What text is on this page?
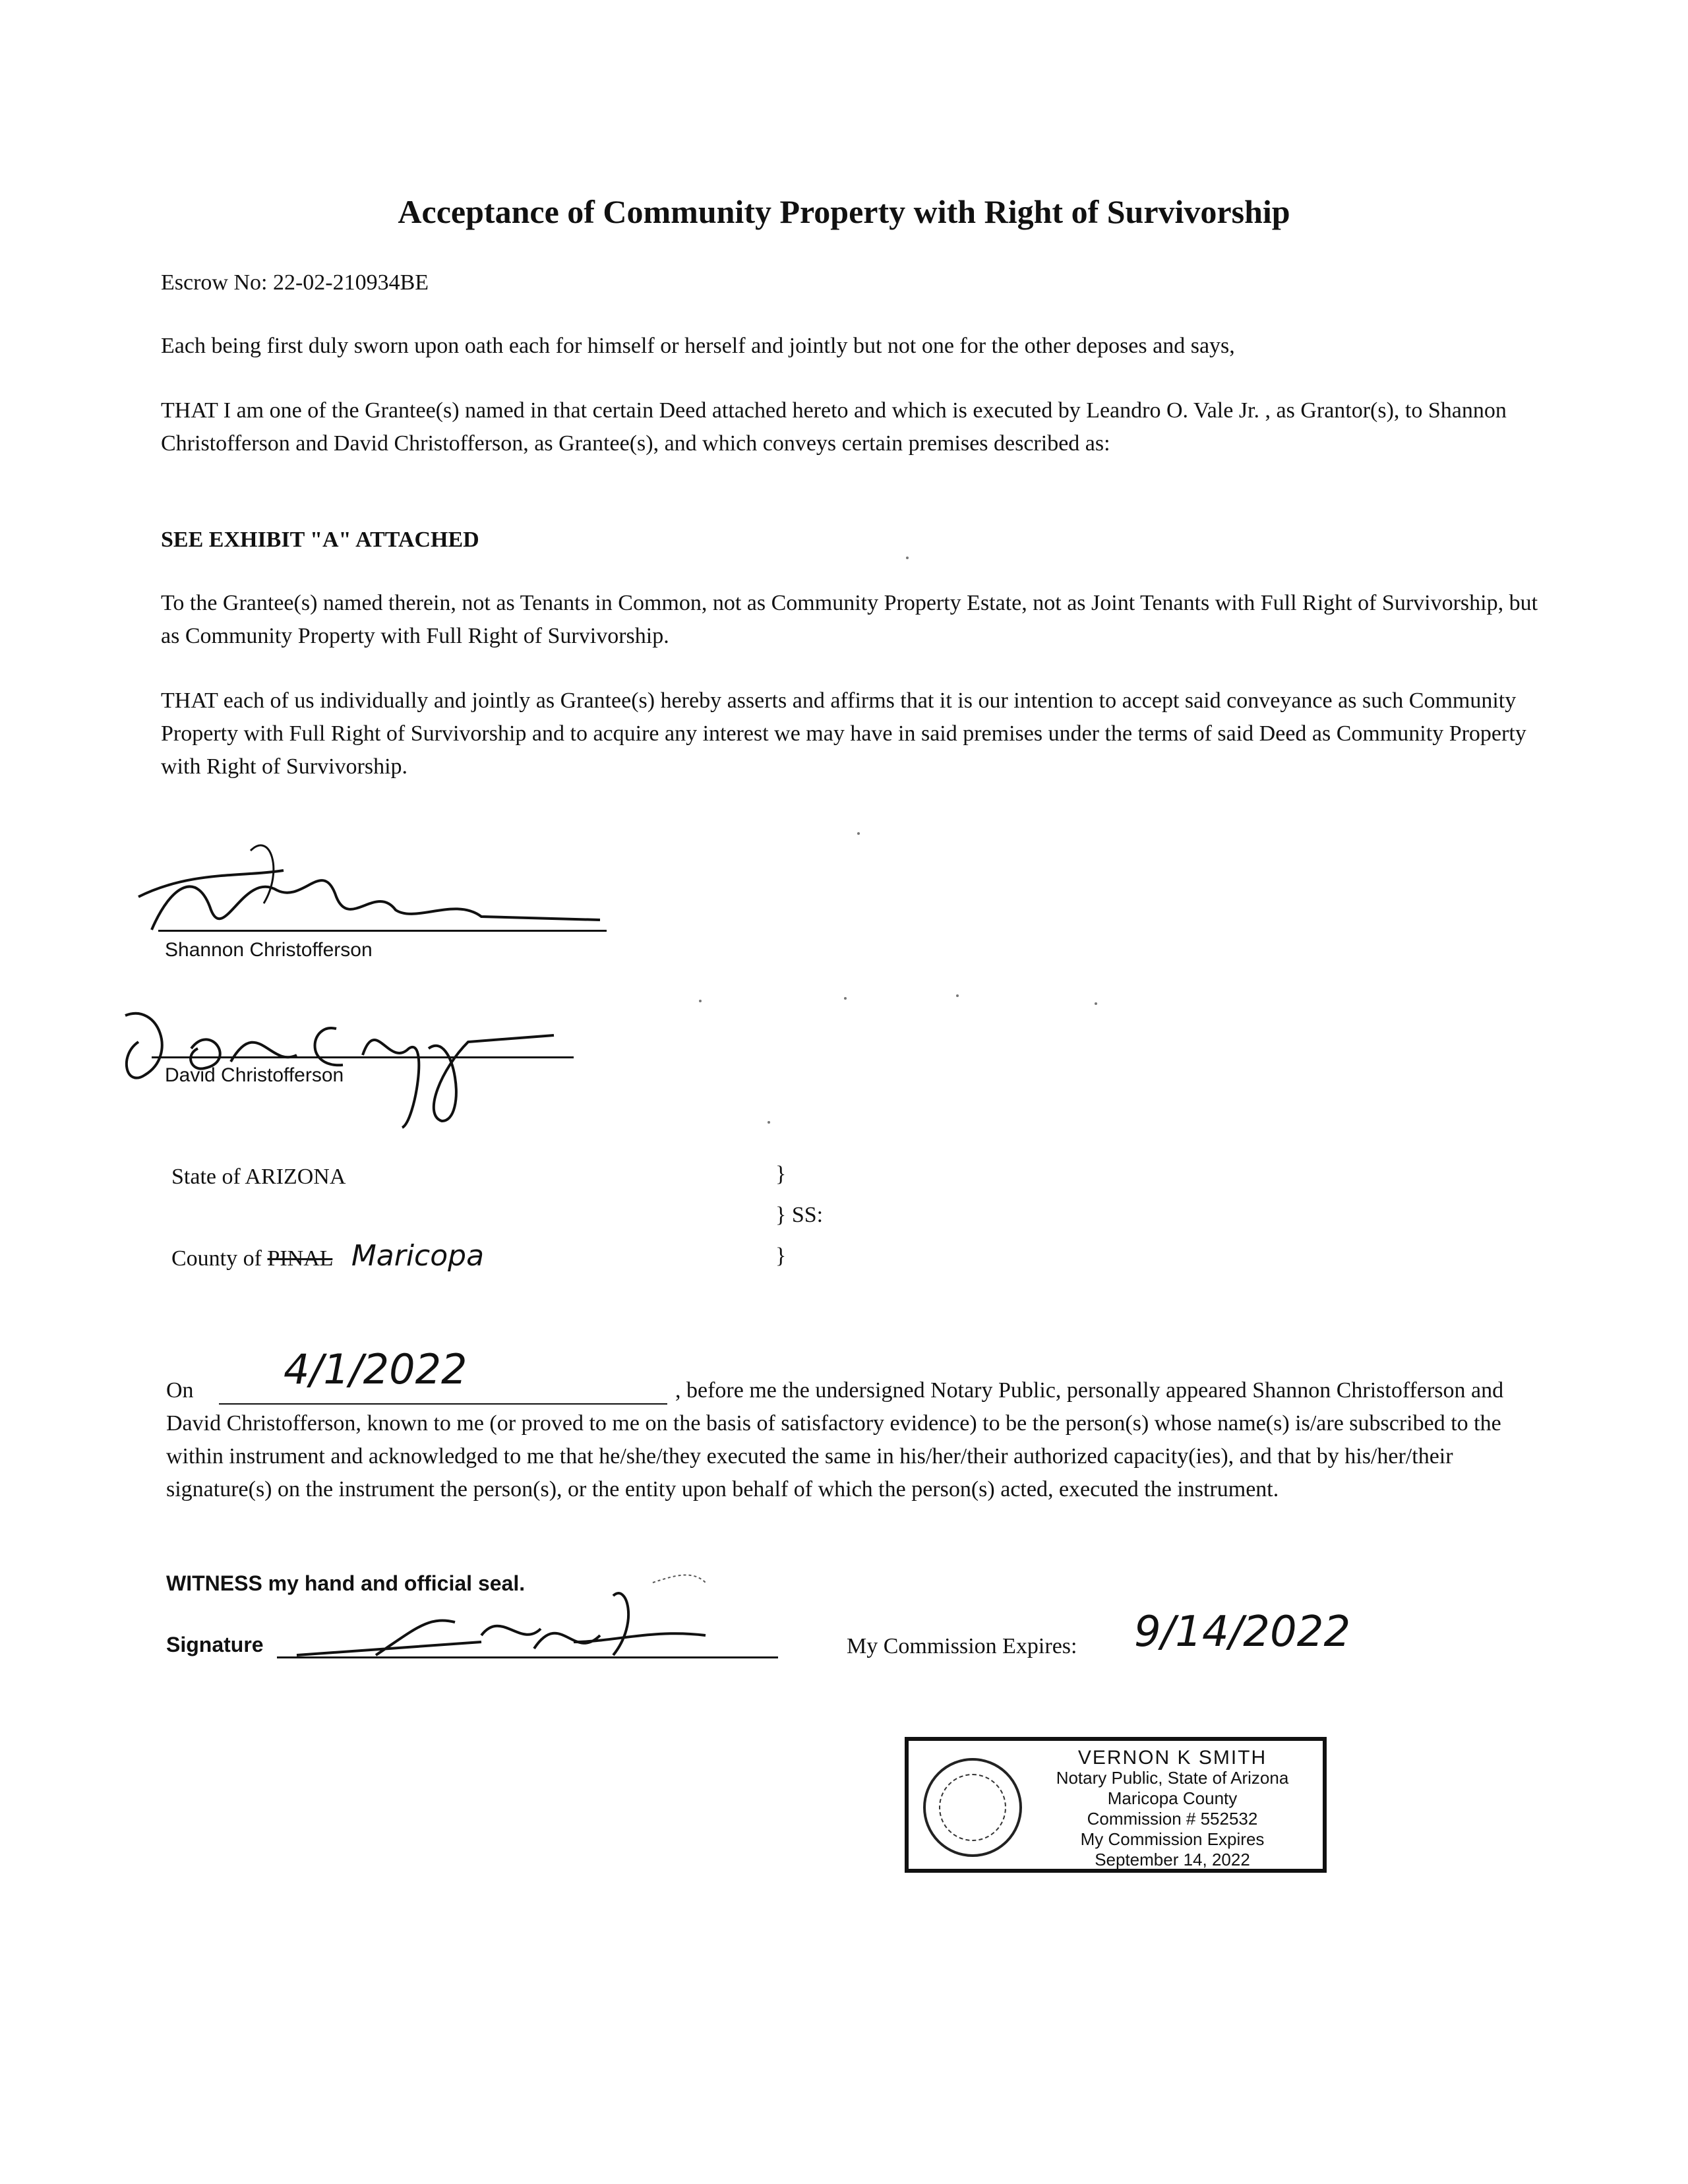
Acceptance of Community Property with Right of Survivorship
Escrow No: 22-02-210934BE
Each being first duly sworn upon oath each for himself or herself and jointly but not one for the other deposes and says,
THAT I am one of the Grantee(s) named in that certain Deed attached hereto and which is executed by Leandro O. Vale Jr. , as Grantor(s), to Shannon Christofferson and David Christofferson, as Grantee(s), and which conveys certain premises described as:
SEE EXHIBIT "A" ATTACHED
To the Grantee(s) named therein, not as Tenants in Common, not as Community Property Estate, not as Joint Tenants with Full Right of Survivorship, but as Community Property with Full Right of Survivorship.
THAT each of us individually and jointly as Grantee(s) hereby asserts and affirms that it is our intention to accept said conveyance as such Community Property with Full Right of Survivorship and to acquire any interest we may have in said premises under the terms of said Deed as Community Property with Right of Survivorship.
Shannon Christofferson
David Christofferson
State of ARIZONA	}
} SS:
}
County of PINAL Maricopa
On 4/1/2022	, before me the undersigned Notary Public, personally appeared Shannon Christofferson and David Christofferson, known to me (or proved to me on the basis of satisfactory evidence) to be the person(s) whose name(s) is/are subscribed to the within instrument and acknowledged to me that he/she/they executed the same in his/her/their authorized capacity(ies), and that by his/her/their signature(s) on the instrument the person(s), or the entity upon behalf of which the person(s) acted, executed the instrument.
WITNESS my hand and official seal.
Signature	My Commission Expires: 9/14/2022
VERNON K SMITH
Notary Public, State of Arizona
Maricopa County
Commission # 552532
My Commission Expires
September 14, 2022
